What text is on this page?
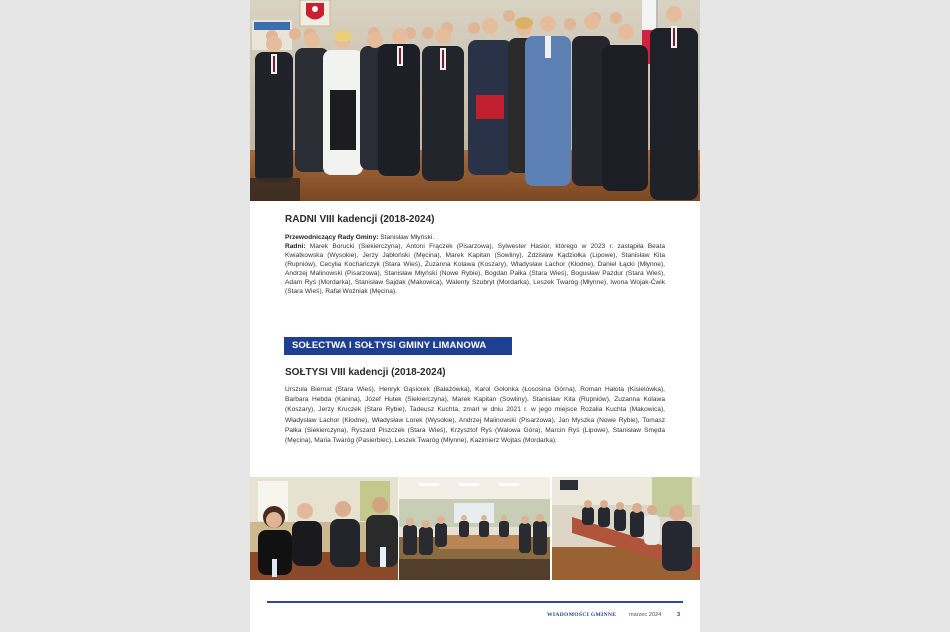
RADNI VIII kadencji (2018-2024)

Przewodniczący Rady Gminy: Stanisław Młyński.
Radni: Marek Borucki (Siekierczyna), Antoni Frączek (Pisarzowa), Sylwester Hasior, którego w 2023 r. zastąpiła Beata Kwiatkowska (Wysokie), Jerzy Jabłoński (Męcina), Marek Kapitan (Sowliny), Zdzisław Kądziołka (Lipowe), Stanisław Kita (Rupniów), Cecylia Kochańczyk (Stara Wieś), Zuzanna Kolawa (Koszary), Władysław Lachor (Kłodne), Daniel Łącki (Młynne), Andrzej Malinowski (Pisarzowa), Stanisław Młyński (Nowe Rybie), Bogdan Pałka (Stara Wieś), Bogusław Pazdur (Stara Wieś), Adam Ryś (Mordarka), Stanisław Sajdak (Makowica), Walenty Szubryt (Mordarka), Leszek Twaróg (Młynne), Iwona Wojak-Ćwik (Stara Wieś), Rafał Woźniak (Męcina).

SOŁECTWA I SOŁTYSI GMINY LIMANOWA
SOŁTYSI VIII kadencji (2018-2024)

Urszula Biernat (Stara Wieś), Henryk Gąsiorek (Bałażówka), Karol Golonka (Łososina Górna), Roman Hałota (Kisielówka), Barbara Hebda (Kanina), Józef Hutek (Siekierczyna), Marek Kapitan (Sowliny), Stanisław Kita (Rupniów), Zuzanna Kolawa (Koszary), Jerzy Kruczek (Stare Rybie), Tadeusz Kuchta, zmarł w dniu 2021 r. w jego miejsce Rozalia Kuchta (Makowica), Władysław Lachor (Kłodne), Władysław Lorek (Wysokie), Andrzej Malinowski (Pisarzowa), Jan Myszka (Nowe Rybie), Tomasz Pałka (Siekierczyna), Ryszard Piszczek (Stara Wieś), Krzysztof Ryś (Walowa Góra), Marcin Ryś (Lipowe), Stanisław Smęda (Męcina), Maria Twaróg (Pasierbiec), Leszek Twaróg (Młynne), Kazimierz Wojtas (Mordarka).

WIADOMOŚCI GMINNE marzec 2024	3
